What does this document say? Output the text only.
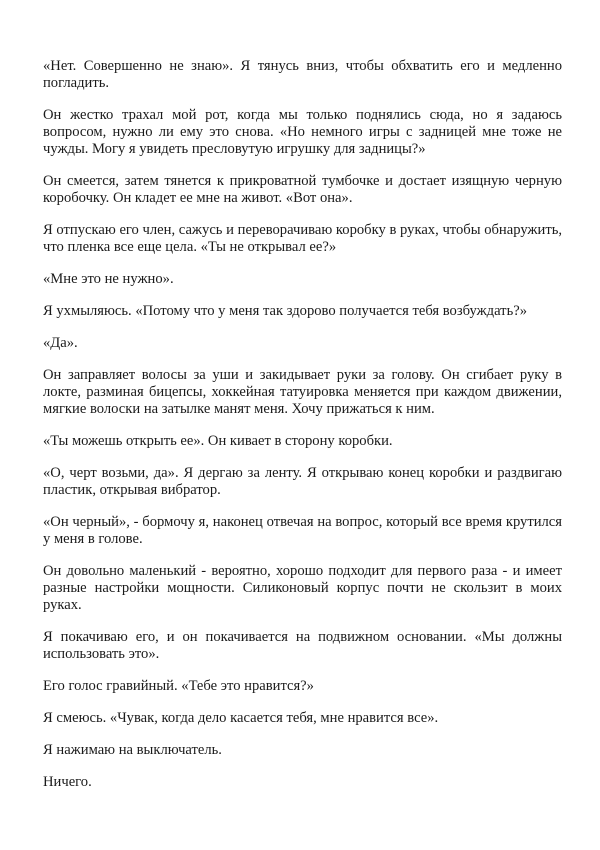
«Нет. Совершенно не знаю». Я тянусь вниз, чтобы обхватить его и медленно погладить.

Он жестко трахал мой рот, когда мы только поднялись сюда, но я задаюсь вопросом, нужно ли ему это снова. «Но немного игры с задницей мне тоже не чужды. Могу я увидеть пресловутую игрушку для задницы?»

Он смеется, затем тянется к прикроватной тумбочке и достает изящную черную коробочку. Он кладет ее мне на живот. «Вот она».

Я отпускаю его член, сажусь и переворачиваю коробку в руках, чтобы обнаружить, что пленка все еще цела. «Ты не открывал ее?»

«Мне это не нужно».

Я ухмыляюсь. «Потому что у меня так здорово получается тебя возбуждать?»

«Да».

Он заправляет волосы за уши и закидывает руки за голову. Он сгибает руку в локте, разминая бицепсы, хоккейная татуировка меняется при каждом движении, мягкие волоски на затылке манят меня. Хочу прижаться к ним.

«Ты можешь открыть ее». Он кивает в сторону коробки.

«О, черт возьми, да». Я дергаю за ленту. Я открываю конец коробки и раздвигаю пластик, открывая вибратор.

«Он черный», - бормочу я, наконец отвечая на вопрос, который все время крутился у меня в голове.

Он довольно маленький - вероятно, хорошо подходит для первого раза - и имеет разные настройки мощности. Силиконовый корпус почти не скользит в моих руках.

Я покачиваю его, и он покачивается на подвижном основании. «Мы должны использовать это».

Его голос гравийный. «Тебе это нравится?»

Я смеюсь. «Чувак, когда дело касается тебя, мне нравится все».

Я нажимаю на выключатель.

Ничего.
